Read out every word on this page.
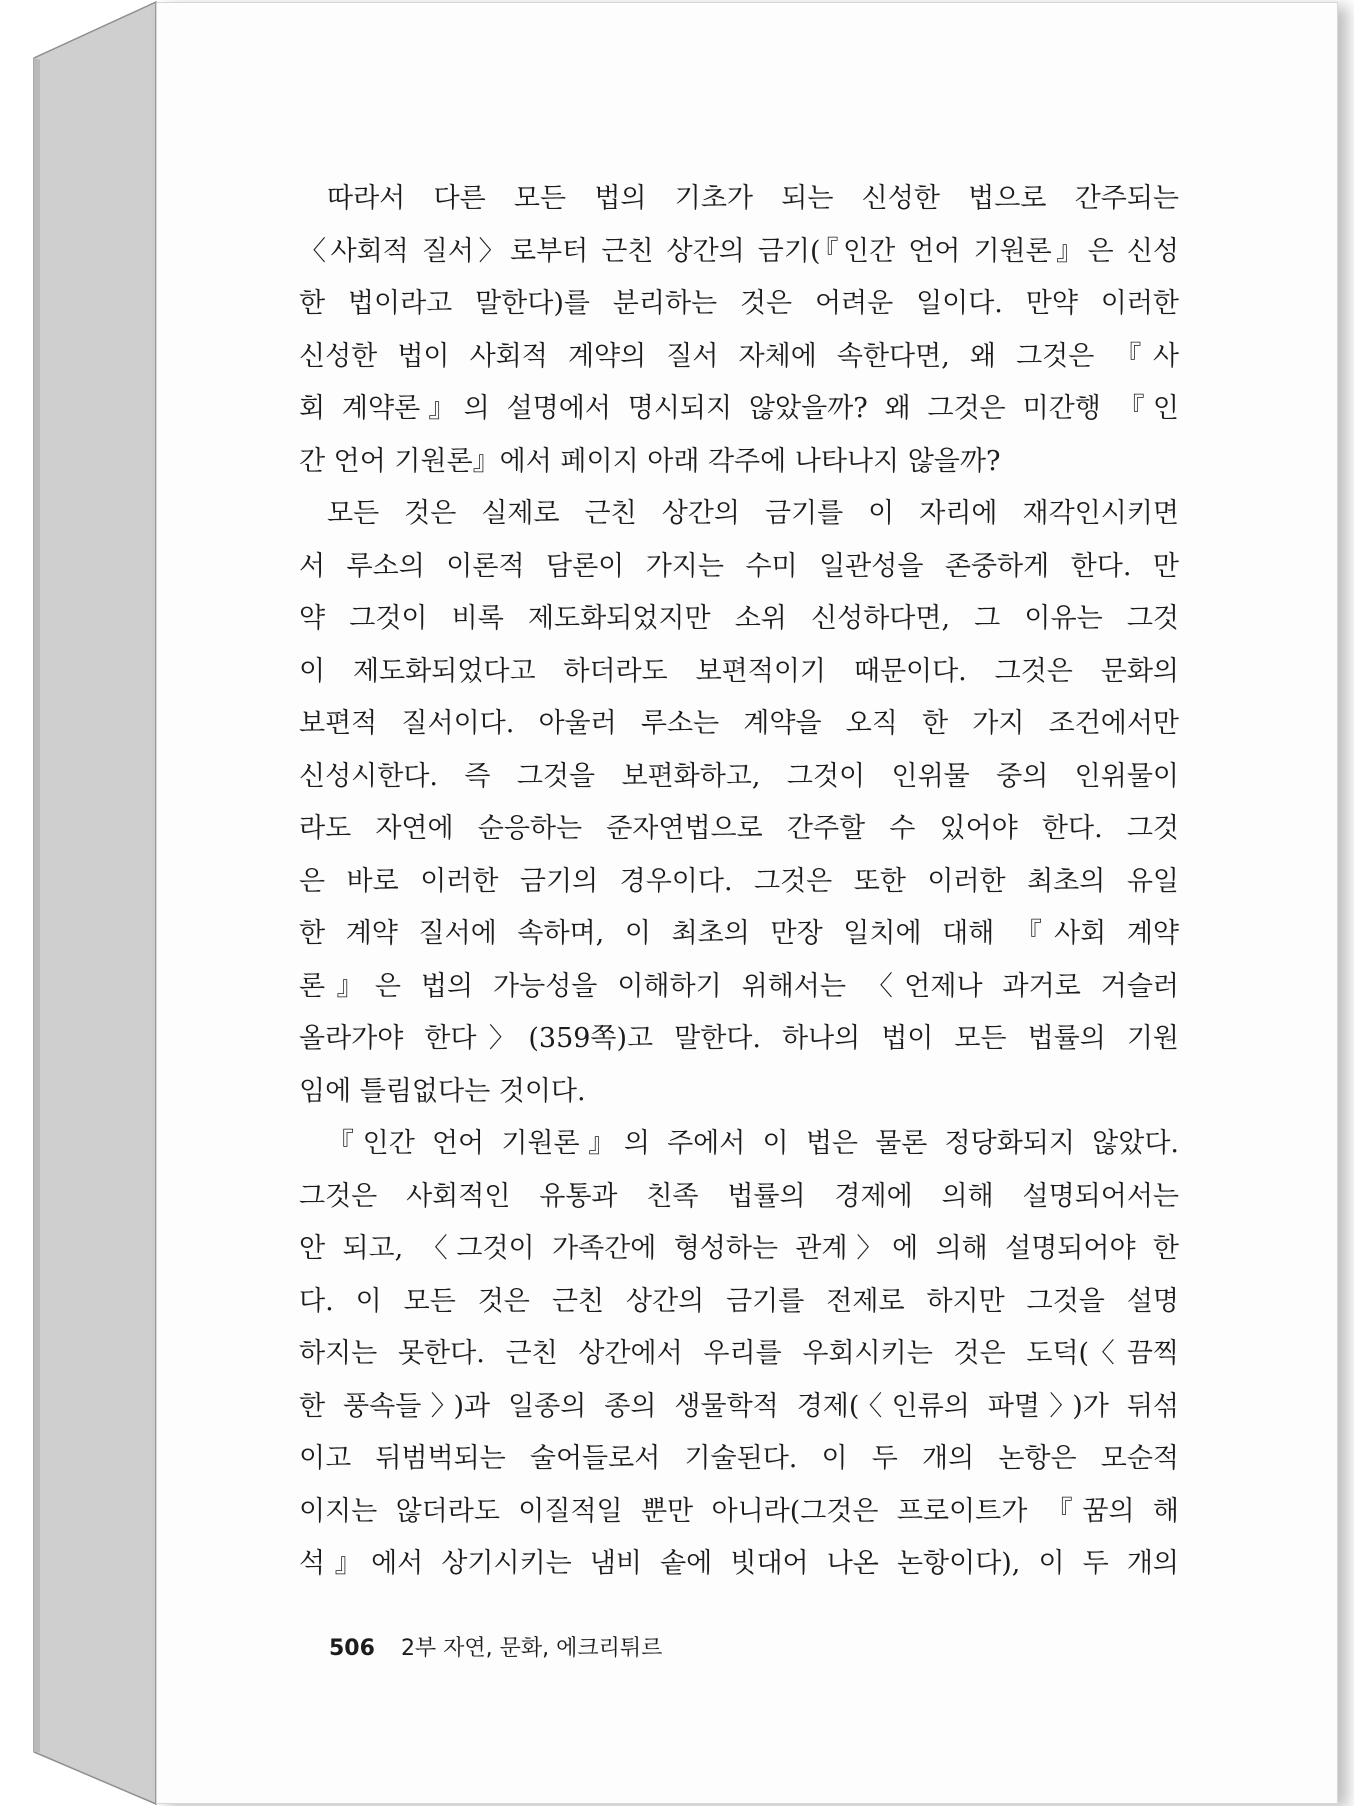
따라서 다른 모든 법의 기초가 되는 신성한 법으로 간주되는
〈사회적 질서〉로부터 근친 상간의 금기(『인간 언어 기원론』은 신성
한 법이라고 말한다)를 분리하는 것은 어려운 일이다. 만약 이러한
신성한 법이 사회적 계약의 질서 자체에 속한다면, 왜 그것은 『사
회 계약론』의 설명에서 명시되지 않았을까? 왜 그것은 미간행 『인
간 언어 기원론』에서 페이지 아래 각주에 나타나지 않을까?
모든 것은 실제로 근친 상간의 금기를 이 자리에 재각인시키면
서 루소의 이론적 담론이 가지는 수미 일관성을 존중하게 한다. 만
약 그것이 비록 제도화되었지만 소위 신성하다면, 그 이유는 그것
이 제도화되었다고 하더라도 보편적이기 때문이다. 그것은 문화의
보편적 질서이다. 아울러 루소는 계약을 오직 한 가지 조건에서만
신성시한다. 즉 그것을 보편화하고, 그것이 인위물 중의 인위물이
라도 자연에 순응하는 준자연법으로 간주할 수 있어야 한다. 그것
은 바로 이러한 금기의 경우이다. 그것은 또한 이러한 최초의 유일
한 계약 질서에 속하며, 이 최초의 만장 일치에 대해 『사회 계약
론』은 법의 가능성을 이해하기 위해서는 〈언제나 과거로 거슬러
올라가야 한다〉(359쪽)고 말한다. 하나의 법이 모든 법률의 기원
임에 틀림없다는 것이다.
『인간 언어 기원론』의 주에서 이 법은 물론 정당화되지 않았다.
그것은 사회적인 유통과 친족 법률의 경제에 의해 설명되어서는
안 되고, 〈그것이 가족간에 형성하는 관계〉에 의해 설명되어야 한
다. 이 모든 것은 근친 상간의 금기를 전제로 하지만 그것을 설명
하지는 못한다. 근친 상간에서 우리를 우회시키는 것은 도덕(〈끔찍
한 풍속들〉)과 일종의 종의 생물학적 경제(〈인류의 파멸〉)가 뒤섞
이고 뒤범벅되는 술어들로서 기술된다. 이 두 개의 논항은 모순적
이지는 않더라도 이질적일 뿐만 아니라(그것은 프로이트가 『꿈의 해
석』에서 상기시키는 냄비 솥에 빗대어 나온 논항이다), 이 두 개의
506 2부 자연, 문화, 에크리튀르
